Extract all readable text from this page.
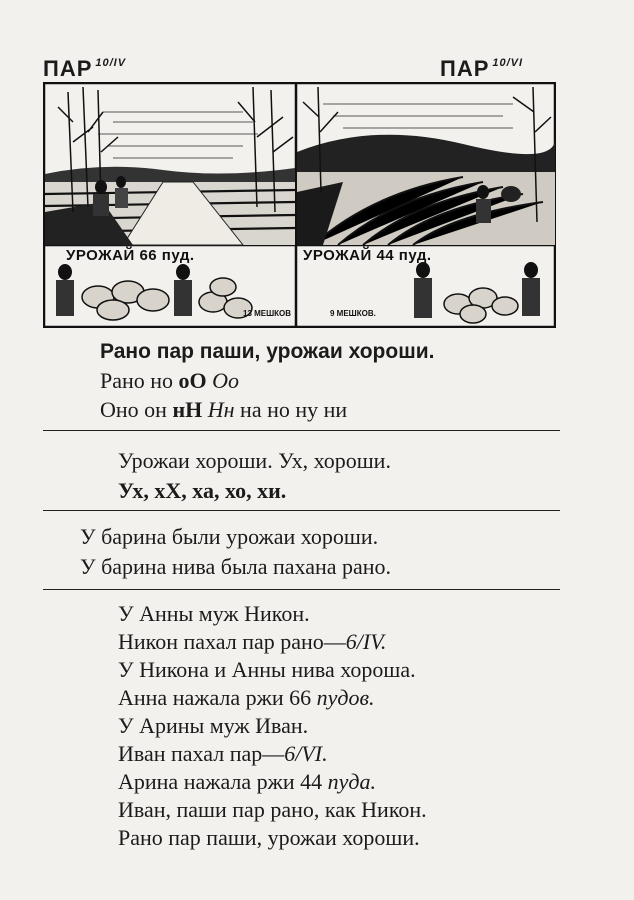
ПАР $^{10/IV}$	ПАР $^{10/VI}$
УРОЖАЙ 66 пуд.	УРОЖАЙ 44 пуд.
13 МЕШКОВ	9 МЕШКОВ.
Рано пар паши, урожаи хороши.
Рано но оО Оо
Оно он нН Нн на но ну ни
Урожаи хороши. Ух, хороши.
Ух, хХ, ха, хо, хи.
У барина были урожаи хороши.
У барина нива была пахана рано.
У Анны муж Никон.
Никон пахал пар рано—6/IV.
У Никона и Анны нива хороша.
Анна нажала ржи 66 пудов.
У Арины муж Иван.
Иван пахал пар—6/VI.
Арина нажала ржи 44 пуда.
Иван, паши пар рано, как Никон.
Рано пар паши, урожаи хороши.
